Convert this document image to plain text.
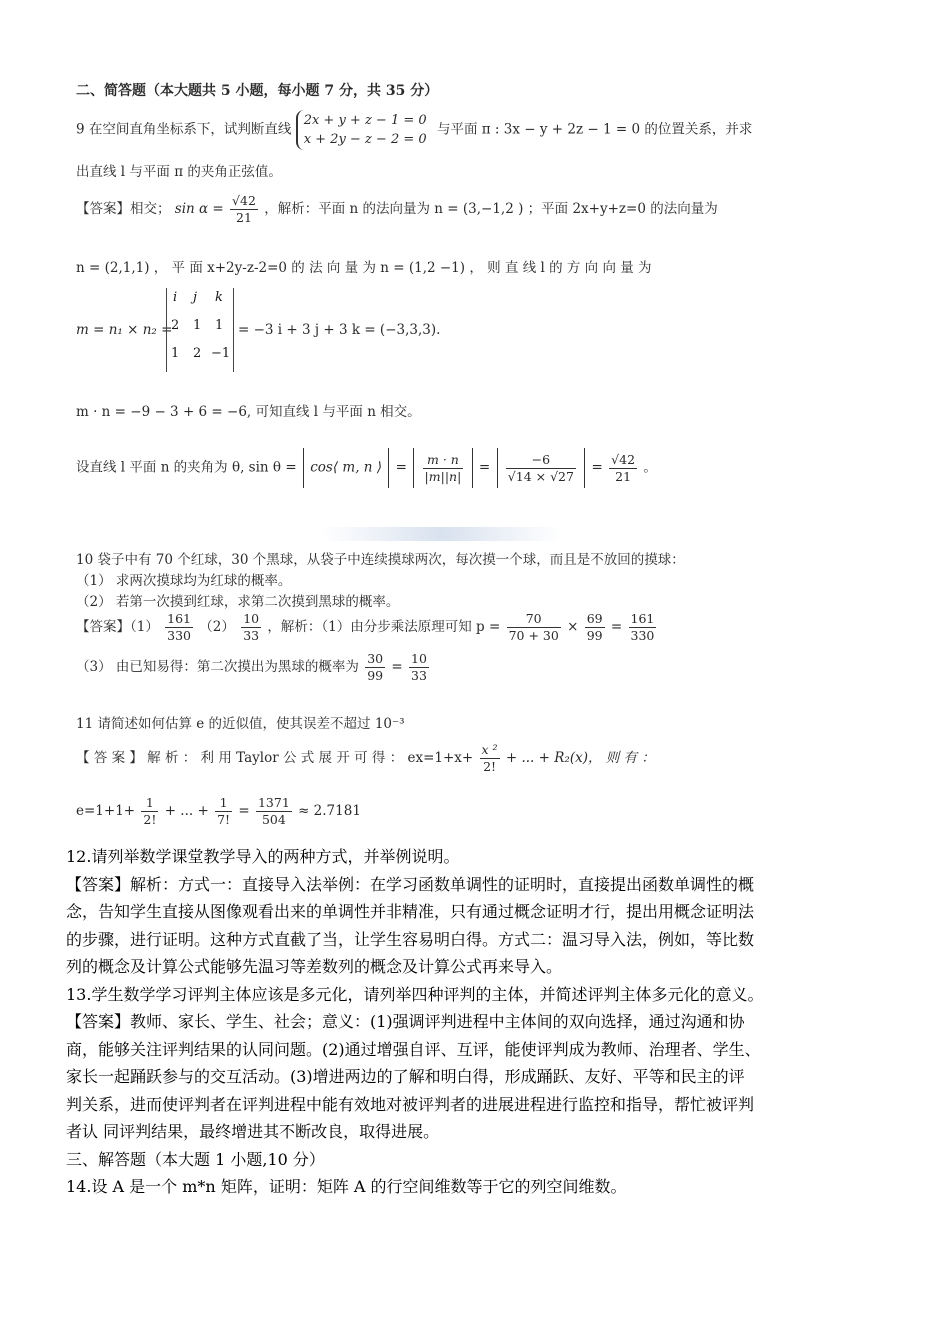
二、简答题（本大题共 5 小题，每小题 7 分，共 35 分）
9 在空间直角坐标系下，试判断直线
2x + y + z − 1 = 0
x + 2y − z − 2 = 0
与平面 π : 3x − y + 2z − 1 = 0 的位置关系，并求
出直线 l 与平面 π 的夹角正弦值。
【答案】相交； $\sin \alpha = \frac{√42}{21}$ ，解析：平面 n 的法向量为 n = (3,−1,2 ) ；平面 2x+y+z=0 的法向量为
n = (2,1,1) ， 平 面 x+2y-z-2=0 的 法 向 量 为 n = (1,2 −1) ， 则 直 线 l 的 方 向 向 量 为
m = n₁ × n₂ =
i j k
2 1 1
1 2 −1
= −3 i + 3 j + 3 k = (−3,3,3).
m · n = −9 − 3 + 6 = −6, 可知直线 l 与平面 n 相交。
设直线 l 平面 n 的夹角为 θ, sin θ = cos⟨ m, n ⟩  = $\frac{m \cdot n}{|m||n|} = \frac{-6}{√14 \times √27} = \frac{√42}{21}$ 。
10 袋子中有 70 个红球，30 个黑球，从袋子中连续摸球两次，每次摸一个球，而且是不放回的摸球：
（1） 求两次摸球均为红球的概率。
（2） 若第一次摸到红球，求第二次摸到黑球的概率。
【答案】$(1) \frac{161}{330} (2) \frac{10}{33}$ ，解析：（1）由分步乘法原理可知 $p = \frac{70}{70 + 30} \times \frac{69}{99} = \frac{161}{330}$
（3） 由已知易得：第二次摸出为黑球的概率为 $\frac{30}{99} = \frac{10}{33}$
11 请简述如何估算 e 的近似值，使其误差不超过 10⁻³
【 答 案 】 解 析 ： 利 用 Taylor 公 式 展 开 可 得 ： $ex=1+x+ \frac{\text{x ²}}{2!}$ + ... + R₂(x)， 则 有 ：
$e=1+1+ \frac{1}{2!}$ + ... + $\frac{1}{7!} = \frac{1371}{504} \approx 2.7181$
12.请列举数学课堂教学导入的两种方式，并举例说明。
【答案】解析：方式一：直接导入法举例：在学习函数单调性的证明时，直接提出函数单调性的概
念，告知学生直接从图像观看出来的单调性并非精准，只有通过概念证明才行，提出用概念证明法
的步骤，进行证明。这种方式直截了当，让学生容易明白得。方式二：温习导入法，例如，等比数
列的概念及计算公式能够先温习等差数列的概念及计算公式再来导入。
13.学生数学学习评判主体应该是多元化，请列举四种评判的主体，并简述评判主体多元化的意义。
【答案】教师、家长、学生、社会；意义：(1)强调评判进程中主体间的双向选择，通过沟通和协
商，能够关注评判结果的认同问题。(2)通过增强自评、互评，能使评判成为教师、治理者、学生、
家长一起踊跃参与的交互活动。(3)增进两边的了解和明白得，形成踊跃、友好、平等和民主的评
判关系，进而使评判者在评判进程中能有效地对被评判者的进展进程进行监控和指导，帮忙被评判
者认 同评判结果，最终增进其不断改良，取得进展。
三、解答题（本大题 1 小题,10 分）
14.设 A 是一个 m*n 矩阵，证明：矩阵 A 的行空间维数等于它的列空间维数。
